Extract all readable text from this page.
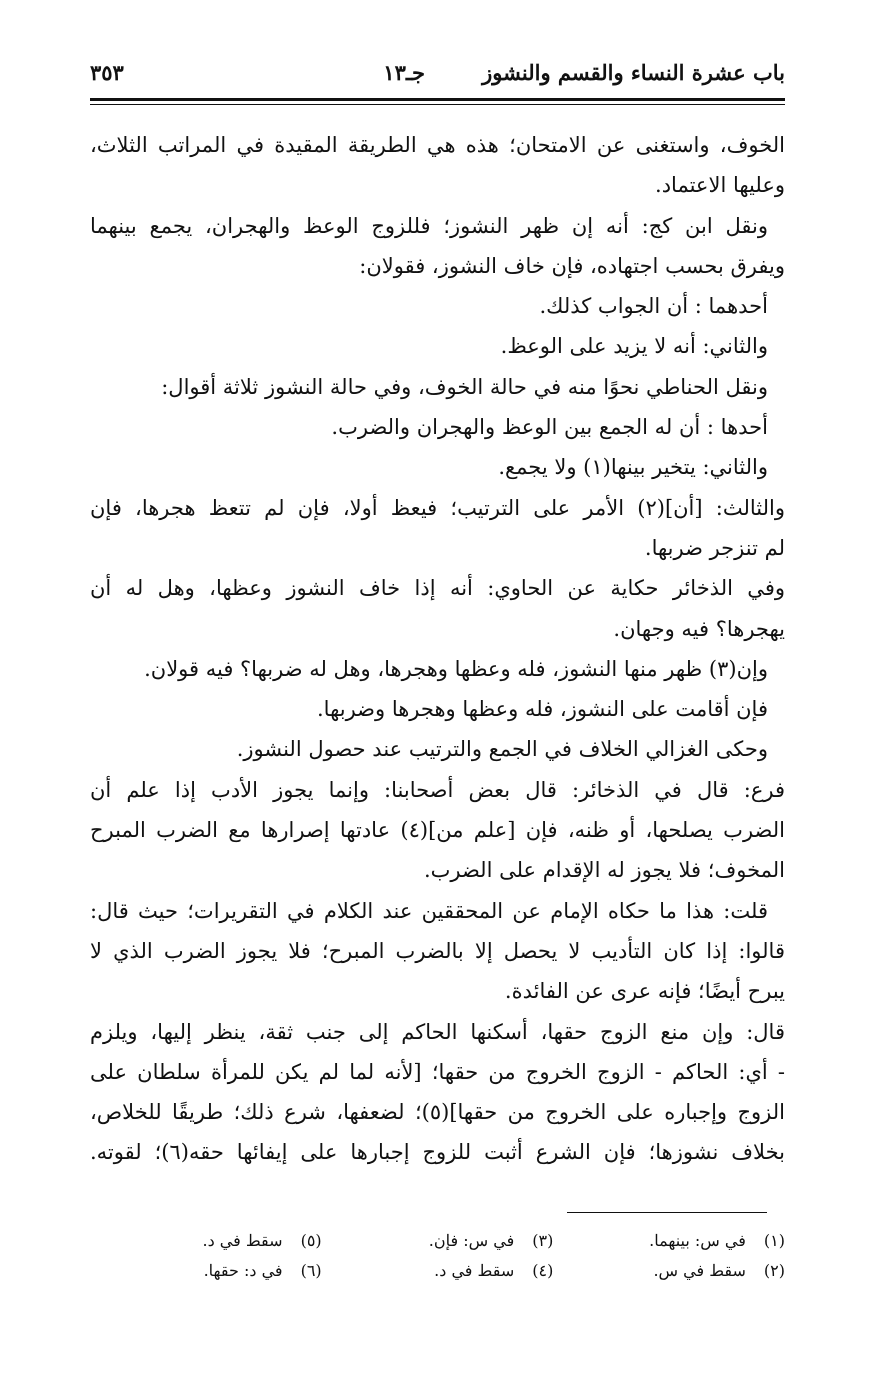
باب عشرة النساء والقسم والنشوز
جـ١٣
٣٥٣
الخوف، واستغنى عن الامتحان؛ هذه هي الطريقة المقيدة في المراتب الثلاث،
وعليها الاعتماد.
ونقل ابن كج: أنه إن ظهر النشوز؛ فللزوج الوعظ والهجران، يجمع بينهما
ويفرق بحسب اجتهاده، فإن خاف النشوز، فقولان:
أحدهما : أن الجواب كذلك.
والثاني: أنه لا يزيد على الوعظ.
ونقل الحناطي نحوًا منه في حالة الخوف، وفي حالة النشوز ثلاثة أقوال:
أحدها : أن له الجمع بين الوعظ والهجران والضرب.
والثاني: يتخير بينها(١) ولا يجمع.
والثالث: [أن](٢) الأمر على الترتيب؛ فيعظ أولا، فإن لم تتعظ هجرها، فإن
لم تنزجر ضربها.
وفي الذخائر حكاية عن الحاوي: أنه إذا خاف النشوز وعظها، وهل له أن
يهجرها؟ فيه وجهان.
وإن(٣) ظهر منها النشوز، فله وعظها وهجرها، وهل له ضربها؟ فيه قولان.
فإن أقامت على النشوز، فله وعظها وهجرها وضربها.
وحكى الغزالي الخلاف في الجمع والترتيب عند حصول النشوز.
فرع: قال في الذخائر: قال بعض أصحابنا: وإنما يجوز الأدب إذا علم أن
الضرب يصلحها، أو ظنه، فإن [علم من](٤) عادتها إصرارها مع الضرب المبرح
المخوف؛ فلا يجوز له الإقدام على الضرب.
قلت: هذا ما حكاه الإمام عن المحققين عند الكلام في التقريرات؛ حيث قال:
قالوا: إذا كان التأديب لا يحصل إلا بالضرب المبرح؛ فلا يجوز الضرب الذي لا
يبرح أيضًا؛ فإنه عرى عن الفائدة.
قال: وإن منع الزوج حقها، أسكنها الحاكم إلى جنب ثقة، ينظر إليها، ويلزم
- أي: الحاكم - الزوج الخروج من حقها؛ [لأنه لما لم يكن للمرأة سلطان على
الزوج وإجباره على الخروج من حقها](٥)؛ لضعفها، شرع ذلك؛ طريقًا للخلاص،
بخلاف نشوزها؛ فإن الشرع أثبت للزوج إجبارها على إيفائها حقه(٦)؛ لقوته.
(١)في س: بينهما.
(٣)في س: فإن.
(٥)سقط في د.
(٢)سقط في س.
(٤)سقط في د.
(٦)في د: حقها.
